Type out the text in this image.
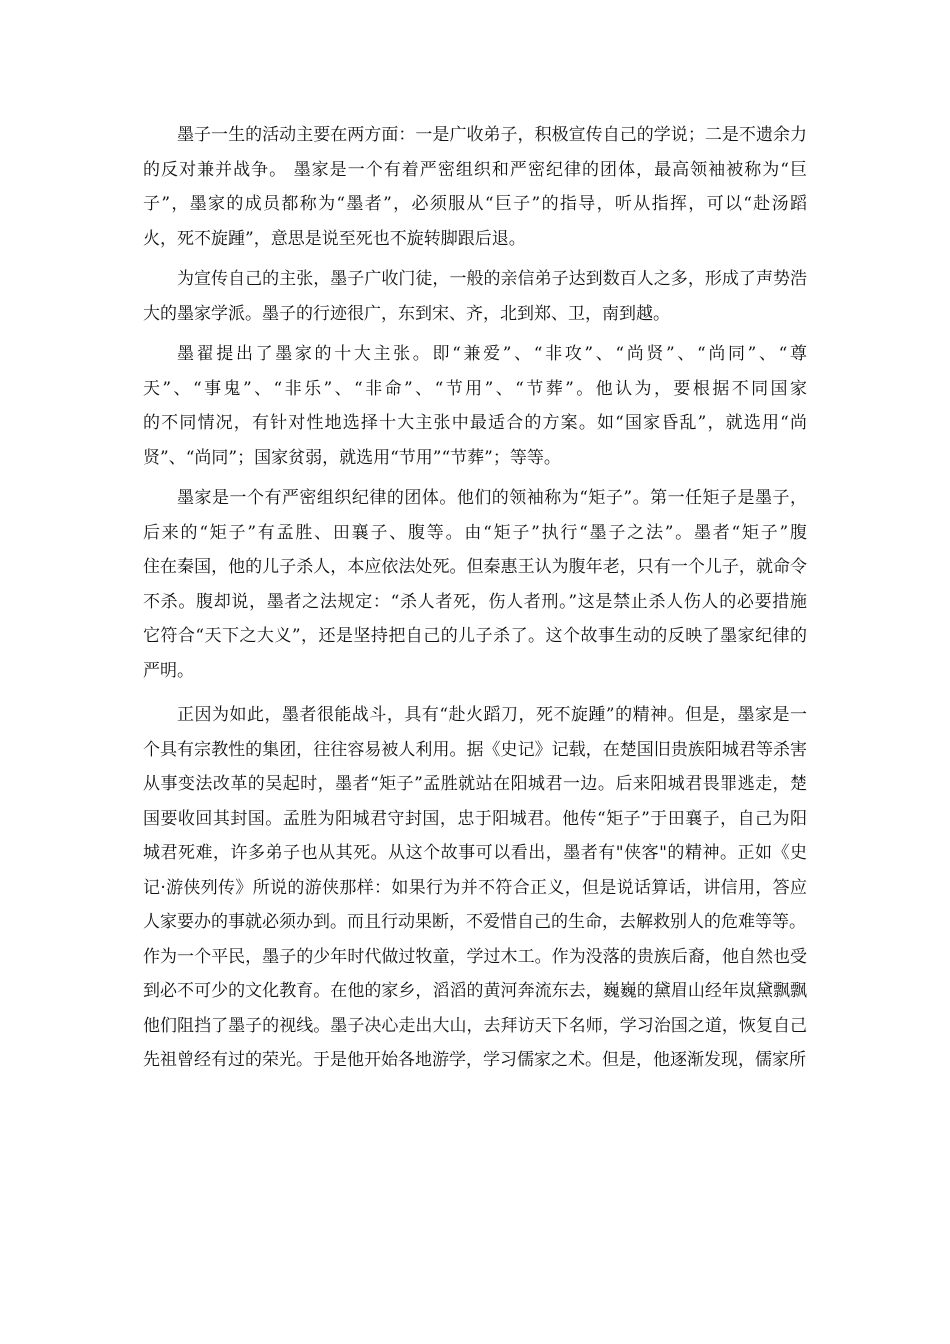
墨子一生的活动主要在两方面：一是广收弟子，积极宣传自己的学说；二是不遗余力
的反对兼并战争。 墨家是一个有着严密组织和严密纪律的团体，最高领袖被称为“巨
子”，墨家的成员都称为“墨者”，必须服从“巨子”的指导，听从指挥，可以“赴汤蹈
火，死不旋踵”，意思是说至死也不旋转脚跟后退。
为宣传自己的主张，墨子广收门徒，一般的亲信弟子达到数百人之多，形成了声势浩
大的墨家学派。墨子的行迹很广，东到宋、齐，北到郑、卫，南到越。
墨翟提出了墨家的十大主张。即“兼爱”、“非攻”、“尚贤”、“尚同”、“尊
天”、“事鬼”、“非乐”、“非命”、“节用”、“节葬”。他认为，要根据不同国家
的不同情况，有针对性地选择十大主张中最适合的方案。如“国家昏乱”，就选用“尚
贤”、“尚同”；国家贫弱，就选用“节用”“节葬”；等等。
墨家是一个有严密组织纪律的团体。他们的领袖称为“矩子”。第一任矩子是墨子，
后来的“矩子”有孟胜、田襄子、腹等。由“矩子”执行“墨子之法”。墨者“矩子”腹
住在秦国，他的儿子杀人，本应依法处死。但秦惠王认为腹年老，只有一个儿子，就命令
不杀。腹却说，墨者之法规定：“杀人者死，伤人者刑。”这是禁止杀人伤人的必要措施
它符合“天下之大义”，还是坚持把自己的儿子杀了。这个故事生动的反映了墨家纪律的
严明。
正因为如此，墨者很能战斗，具有“赴火蹈刀，死不旋踵”的精神。但是，墨家是一
个具有宗教性的集团，往往容易被人利用。据《史记》记载，在楚国旧贵族阳城君等杀害
从事变法改革的吴起时，墨者“矩子”孟胜就站在阳城君一边。后来阳城君畏罪逃走，楚
国要收回其封国。孟胜为阳城君守封国，忠于阳城君。他传“矩子”于田襄子，自己为阳
城君死难，许多弟子也从其死。从这个故事可以看出，墨者有"侠客"的精神。正如《史
记·游侠列传》所说的游侠那样：如果行为并不符合正义，但是说话算话，讲信用，答应
人家要办的事就必须办到。而且行动果断，不爱惜自己的生命，去解救别人的危难等等。
作为一个平民，墨子的少年时代做过牧童，学过木工。作为没落的贵族后裔，他自然也受
到必不可少的文化教育。在他的家乡，滔滔的黄河奔流东去，巍巍的黛眉山经年岚黛飘飘
他们阻挡了墨子的视线。墨子决心走出大山，去拜访天下名师，学习治国之道，恢复自己
先祖曾经有过的荣光。于是他开始各地游学，学习儒家之术。但是，他逐渐发现，儒家所
